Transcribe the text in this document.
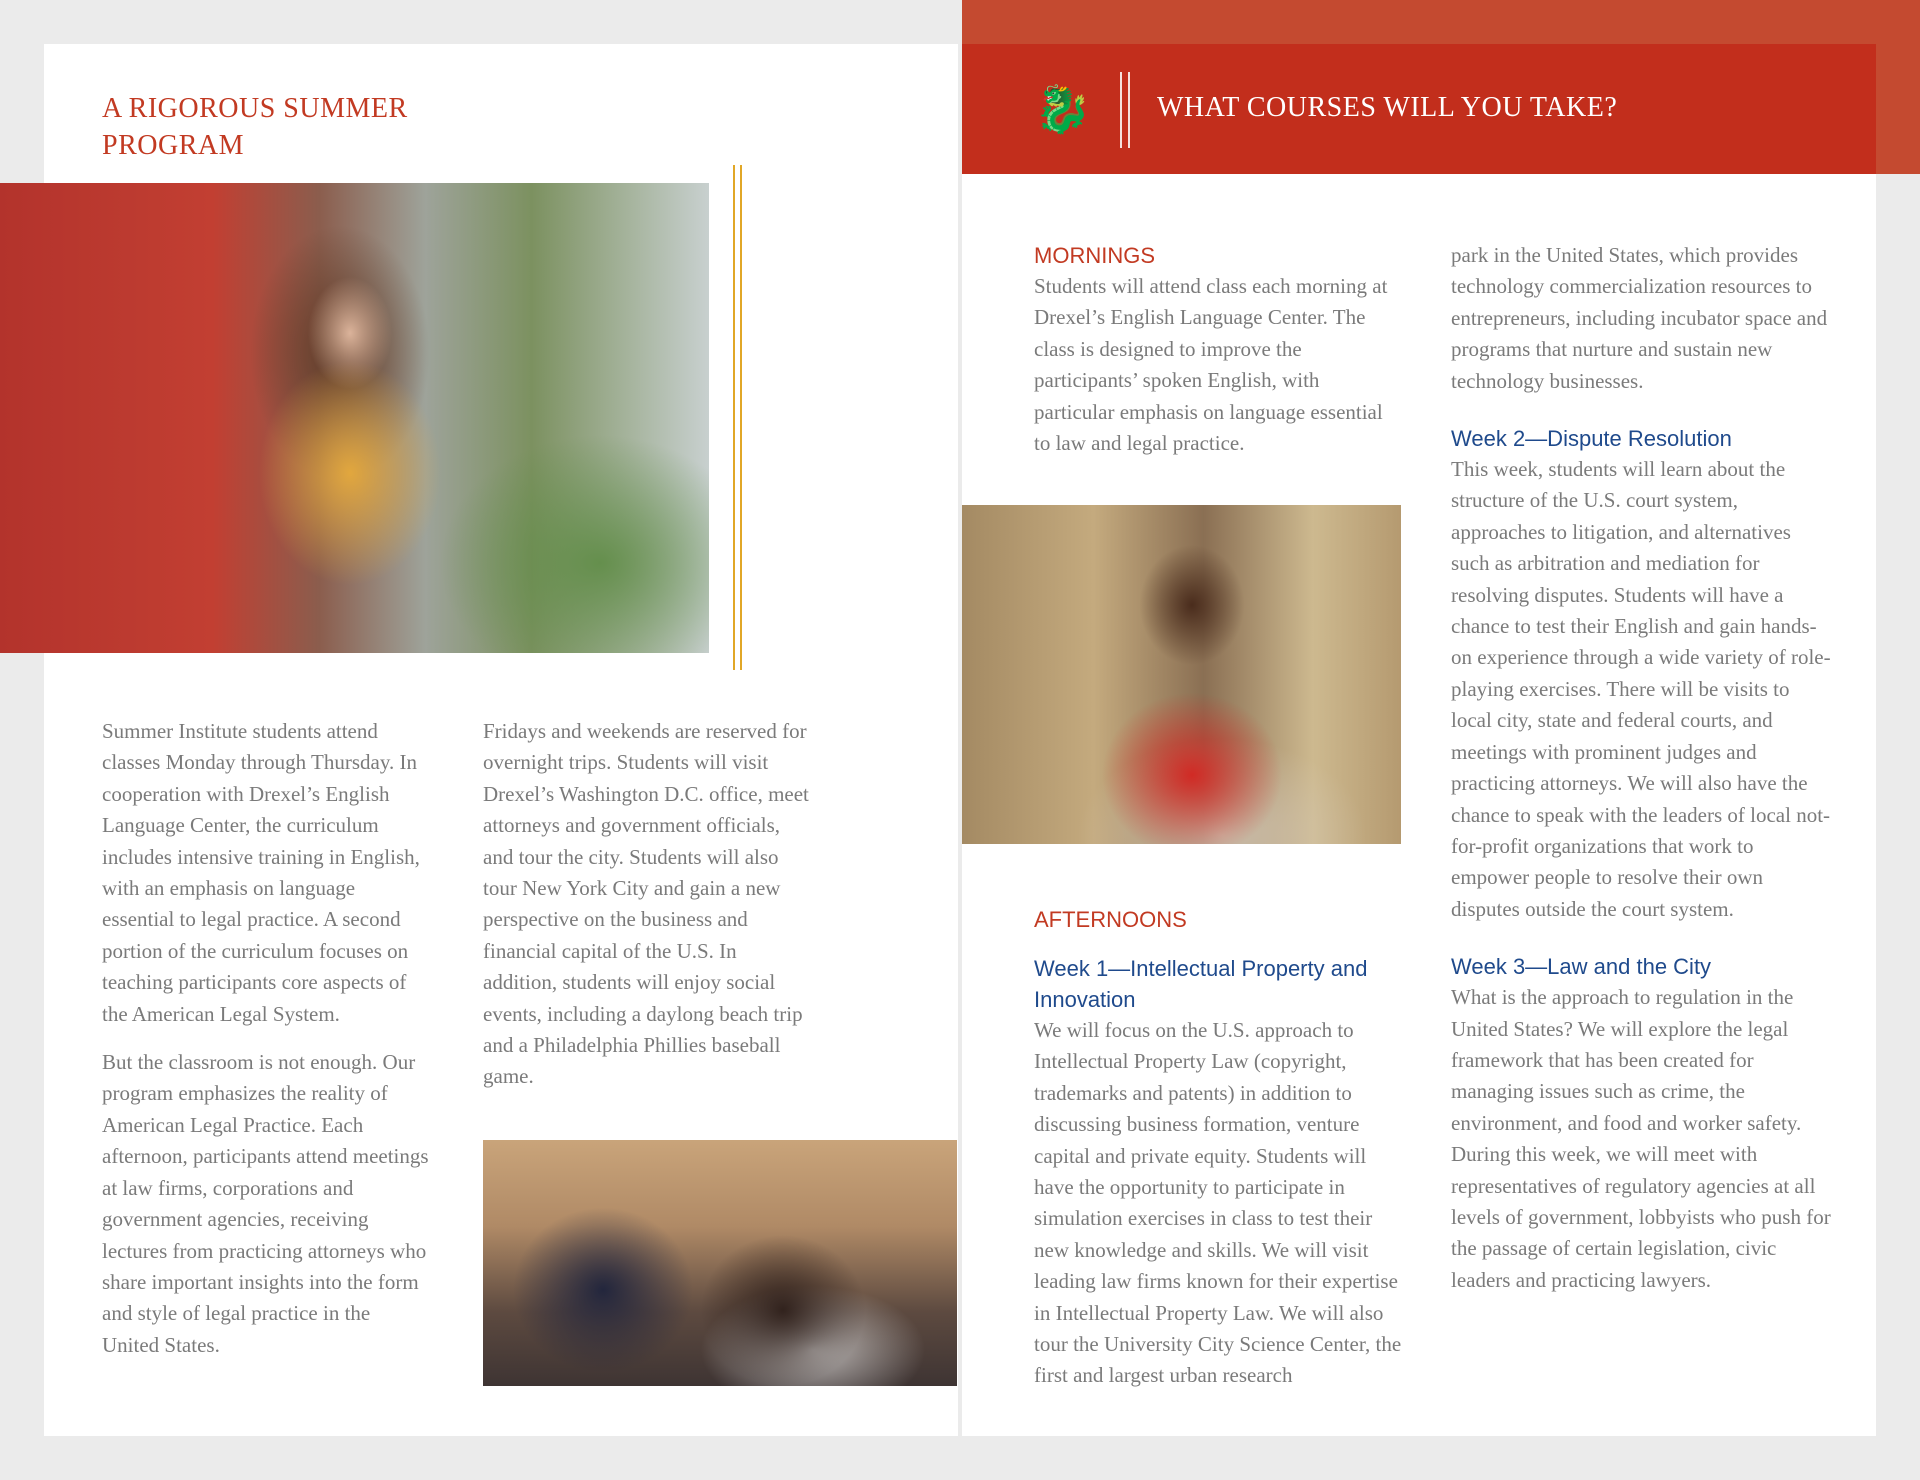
A RIGOROUS SUMMER
PROGRAM

Summer Institute students attend classes Monday through Thursday. In cooperation with Drexel’s English Language Center, the curriculum includes intensive training in English, with an emphasis on language essential to legal practice. A second portion of the curriculum focuses on teaching participants core aspects of the American Legal System.

But the classroom is not enough. Our program emphasizes the reality of American Legal Practice. Each afternoon, participants attend meetings at law firms, corporations and government agencies, receiving lectures from practicing attorneys who share important insights into the form and style of legal practice in the United States.

Fridays and weekends are reserved for overnight trips. Students will visit Drexel’s Washington D.C. office, meet attorneys and government officials, and tour the city. Students will also tour New York City and gain a new perspective on the business and financial capital of the U.S. In addition, students will enjoy social events, including a daylong beach trip and a Philadelphia Phillies baseball game.

🐉 WHAT COURSES WILL YOU TAKE?
MORNINGS
Students will attend class each morning at Drexel’s English Language Center. The class is designed to improve the participants’ spoken English, with particular emphasis on language essential to law and legal practice.
AFTERNOONS
Week 1—Intellectual Property and Innovation
We will focus on the U.S. approach to Intellectual Property Law (copyright, trademarks and patents) in addition to discussing business formation, venture capital and private equity. Students will have the opportunity to participate in simulation exercises in class to test their new knowledge and skills. We will visit leading law firms known for their expertise in Intellectual Property Law. We will also tour the University City Science Center, the first and largest urban research
park in the United States, which provides technology commercialization resources to entrepreneurs, including incubator space and programs that nurture and sustain new technology businesses.
Week 2—Dispute Resolution
This week, students will learn about the structure of the U.S. court system, approaches to litigation, and alternatives such as arbitration and mediation for resolving disputes. Students will have a chance to test their English and gain hands-on experience through a wide variety of role-playing exercises. There will be visits to local city, state and federal courts, and meetings with prominent judges and practicing attorneys. We will also have the chance to speak with the leaders of local not-for-profit organizations that work to empower people to resolve their own disputes outside the court system.
Week 3—Law and the City
What is the approach to regulation in the United States? We will explore the legal framework that has been created for managing issues such as crime, the environment, and food and worker safety. During this week, we will meet with representatives of regulatory agencies at all levels of government, lobbyists who push for the passage of certain legislation, civic leaders and practicing lawyers.
